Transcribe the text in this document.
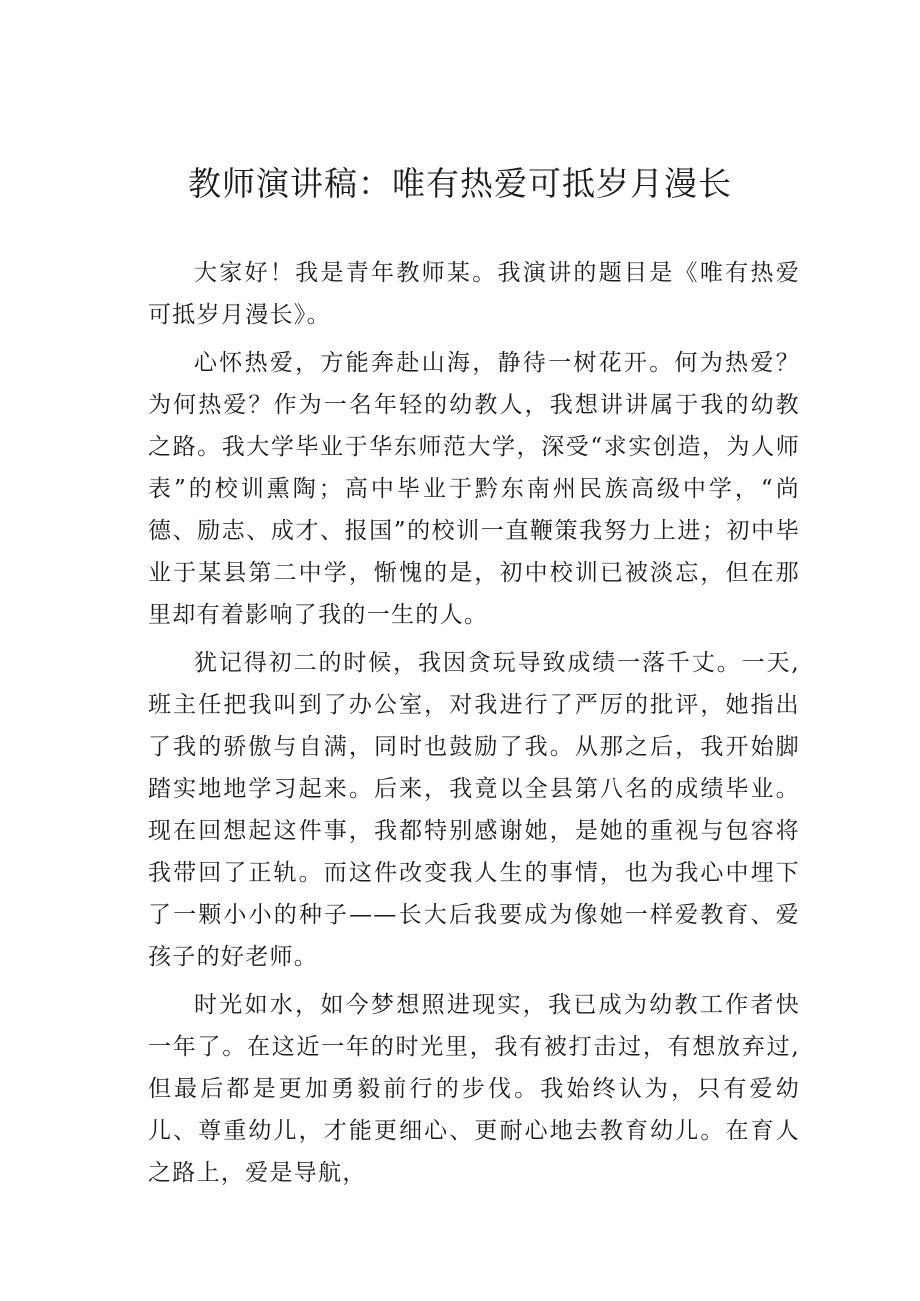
教师演讲稿：唯有热爱可抵岁月漫长

大家好！我是青年教师某。我演讲的题目是《唯有热爱可抵岁月漫长》。

心怀热爱，方能奔赴山海，静待一树花开。何为热爱？为何热爱？作为一名年轻的幼教人，我想讲讲属于我的幼教之路。我大学毕业于华东师范大学，深受“求实创造，为人师表”的校训熏陶；高中毕业于黔东南州民族高级中学，“尚德、励志、成才、报国”的校训一直鞭策我努力上进；初中毕业于某县第二中学，惭愧的是，初中校训已被淡忘，但在那里却有着影响了我的一生的人。

犹记得初二的时候，我因贪玩导致成绩一落千丈。一天,班主任把我叫到了办公室，对我进行了严厉的批评，她指出了我的骄傲与自满，同时也鼓励了我。从那之后，我开始脚踏实地地学习起来。后来，我竟以全县第八名的成绩毕业。现在回想起这件事，我都特别感谢她，是她的重视与包容将我带回了正轨。而这件改变我人生的事情，也为我心中埋下了一颗小小的种子——长大后我要成为像她一样爱教育、爱孩子的好老师。

时光如水，如今梦想照进现实，我已成为幼教工作者快一年了。在这近一年的时光里，我有被打击过，有想放弃过,但最后都是更加勇毅前行的步伐。我始终认为，只有爱幼儿、尊重幼儿，才能更细心、更耐心地去教育幼儿。在育人之路上，爱是导航，
